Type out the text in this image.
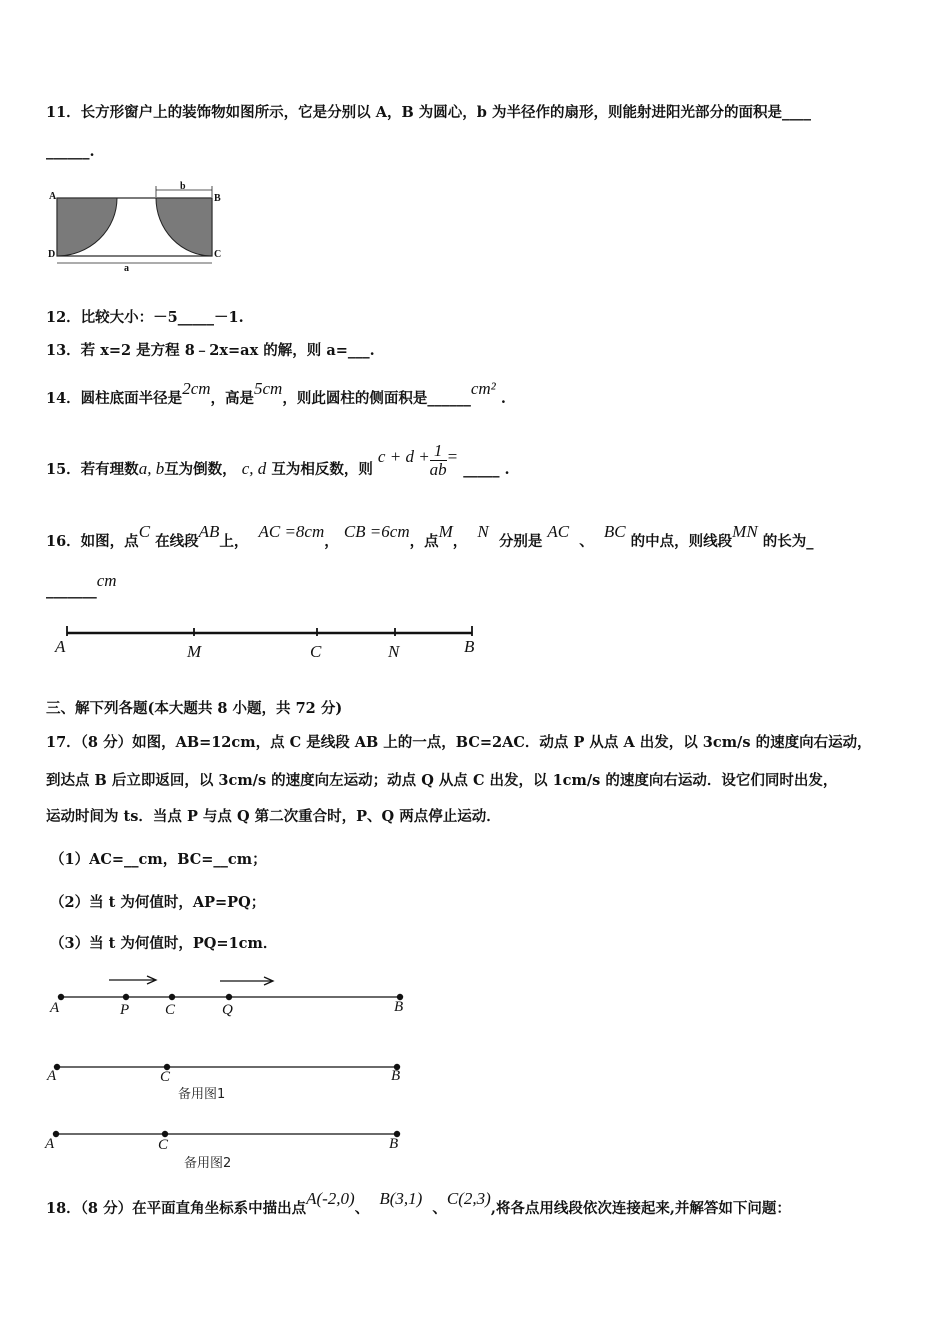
11．长方形窗户上的装饰物如图所示，它是分别以 A，B 为圆心，b 为半径作的扇形，则能射进阳光部分的面积是____
______.
A	B
C
D
a
b
12．比较大小：－5_____－1.
13．若 x=2 是方程 8﹣2x=ax 的解，则 a=___.
14．圆柱底面半径是2cm，高是5cm，则此圆柱的侧面积是______cm² .
15．若有理数a, b互为倒数， c, d 互为相反数，则 $c + d + \frac{1}{ab}$ = _____ .
16．如图，点C 在线段AB上，  AC =8cm， CB =6cm，点M，  N  分别是 AC  、  BC 的中点，则线段MN 的长为_
_______cm
A	M	C	N	B
三、解下列各题(本大题共 8 小题，共 72 分)
17．（8 分）如图，AB=12cm，点 C 是线段 AB 上的一点，BC=2AC．动点 P 从点 A 出发，以 3cm/s 的速度向右运动，
到达点 B 后立即返回，以 3cm/s 的速度向左运动；动点 Q 从点 C 出发，以 1cm/s 的速度向右运动．设它们同时出发，
运动时间为 ts．当点 P 与点 Q 第二次重合时，P、Q 两点停止运动．
（1）AC=__cm，BC=__cm；
（2）当 t 为何值时，AP=PQ；
（3）当 t 为何值时，PQ=1cm．
A	P C	Q	B
A	C	B
备用图1
A	C	B
备用图2
18．（8 分）在平面直角坐标系中描出点A(-2,0)、  B(3,1)  、C(2,3),将各点用线段依次连接起来,并解答如下问题：
